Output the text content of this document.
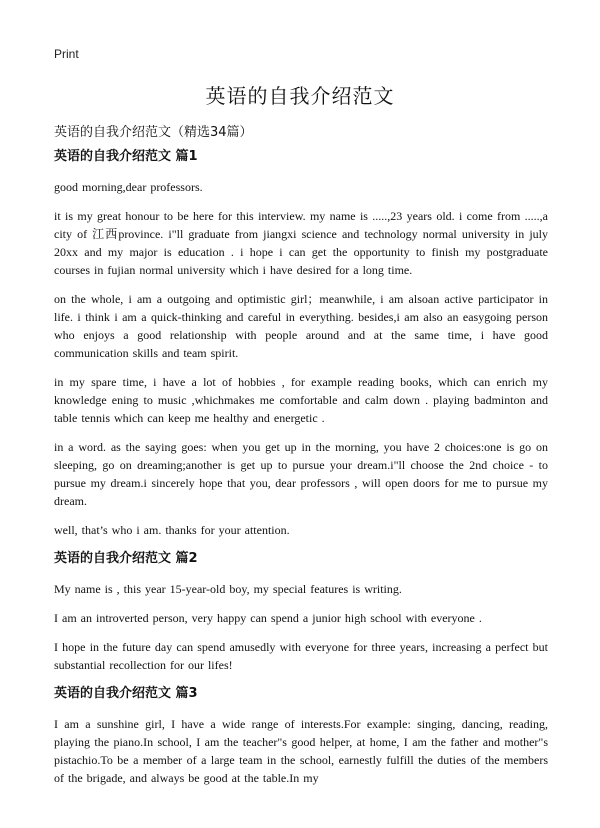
Print
英语的自我介绍范文
英语的自我介绍范文（精选34篇）
英语的自我介绍范文 篇1

good morning,dear professors.

it is my great honour to be here for this interview. my name is .....,23 years old. i come from .....,a city of 江西province. i"ll graduate from jiangxi science and technology normal university in july 20xx and my major is education . i hope i can get the opportunity to finish my postgraduate courses in fujian normal university which i have desired for a long time.

on the whole, i am a outgoing and optimistic girl；meanwhile, i am alsoan active participator in life. i think i am a quick-thinking and careful in everything. besides,i am also an easygoing person who enjoys a good relationship with people around and at the same time, i have good communication skills and team spirit.

in my spare time, i have a lot of hobbies , for example reading books, which can enrich my knowledge ening to music ,whichmakes me comfortable and calm down . playing badminton and table tennis which can keep me healthy and energetic .

in a word. as the saying goes: when you get up in the morning, you have 2 choices:one is go on sleeping, go on dreaming;another is get up to pursue your dream.i"ll choose the 2nd choice - to pursue my dream.i sincerely hope that you, dear professors , will open doors for me to pursue my dream.

well, that’s who i am. thanks for your attention.

英语的自我介绍范文 篇2

My name is , this year 15-year-old boy, my special features is writing.

I am an introverted person, very happy can spend a junior high school with everyone .

I hope in the future day can spend amusedly with everyone for three years, increasing a perfect but substantial recollection for our lifes!

英语的自我介绍范文 篇3

I am a sunshine girl, I have a wide range of interests.For example: singing, dancing, reading, playing the piano.In school, I am the teacher"s good helper, at home, I am the father and mother"s pistachio.To be a member of a large team in the school, earnestly fulfill the duties of the members of the brigade, and always be good at the table.In my
